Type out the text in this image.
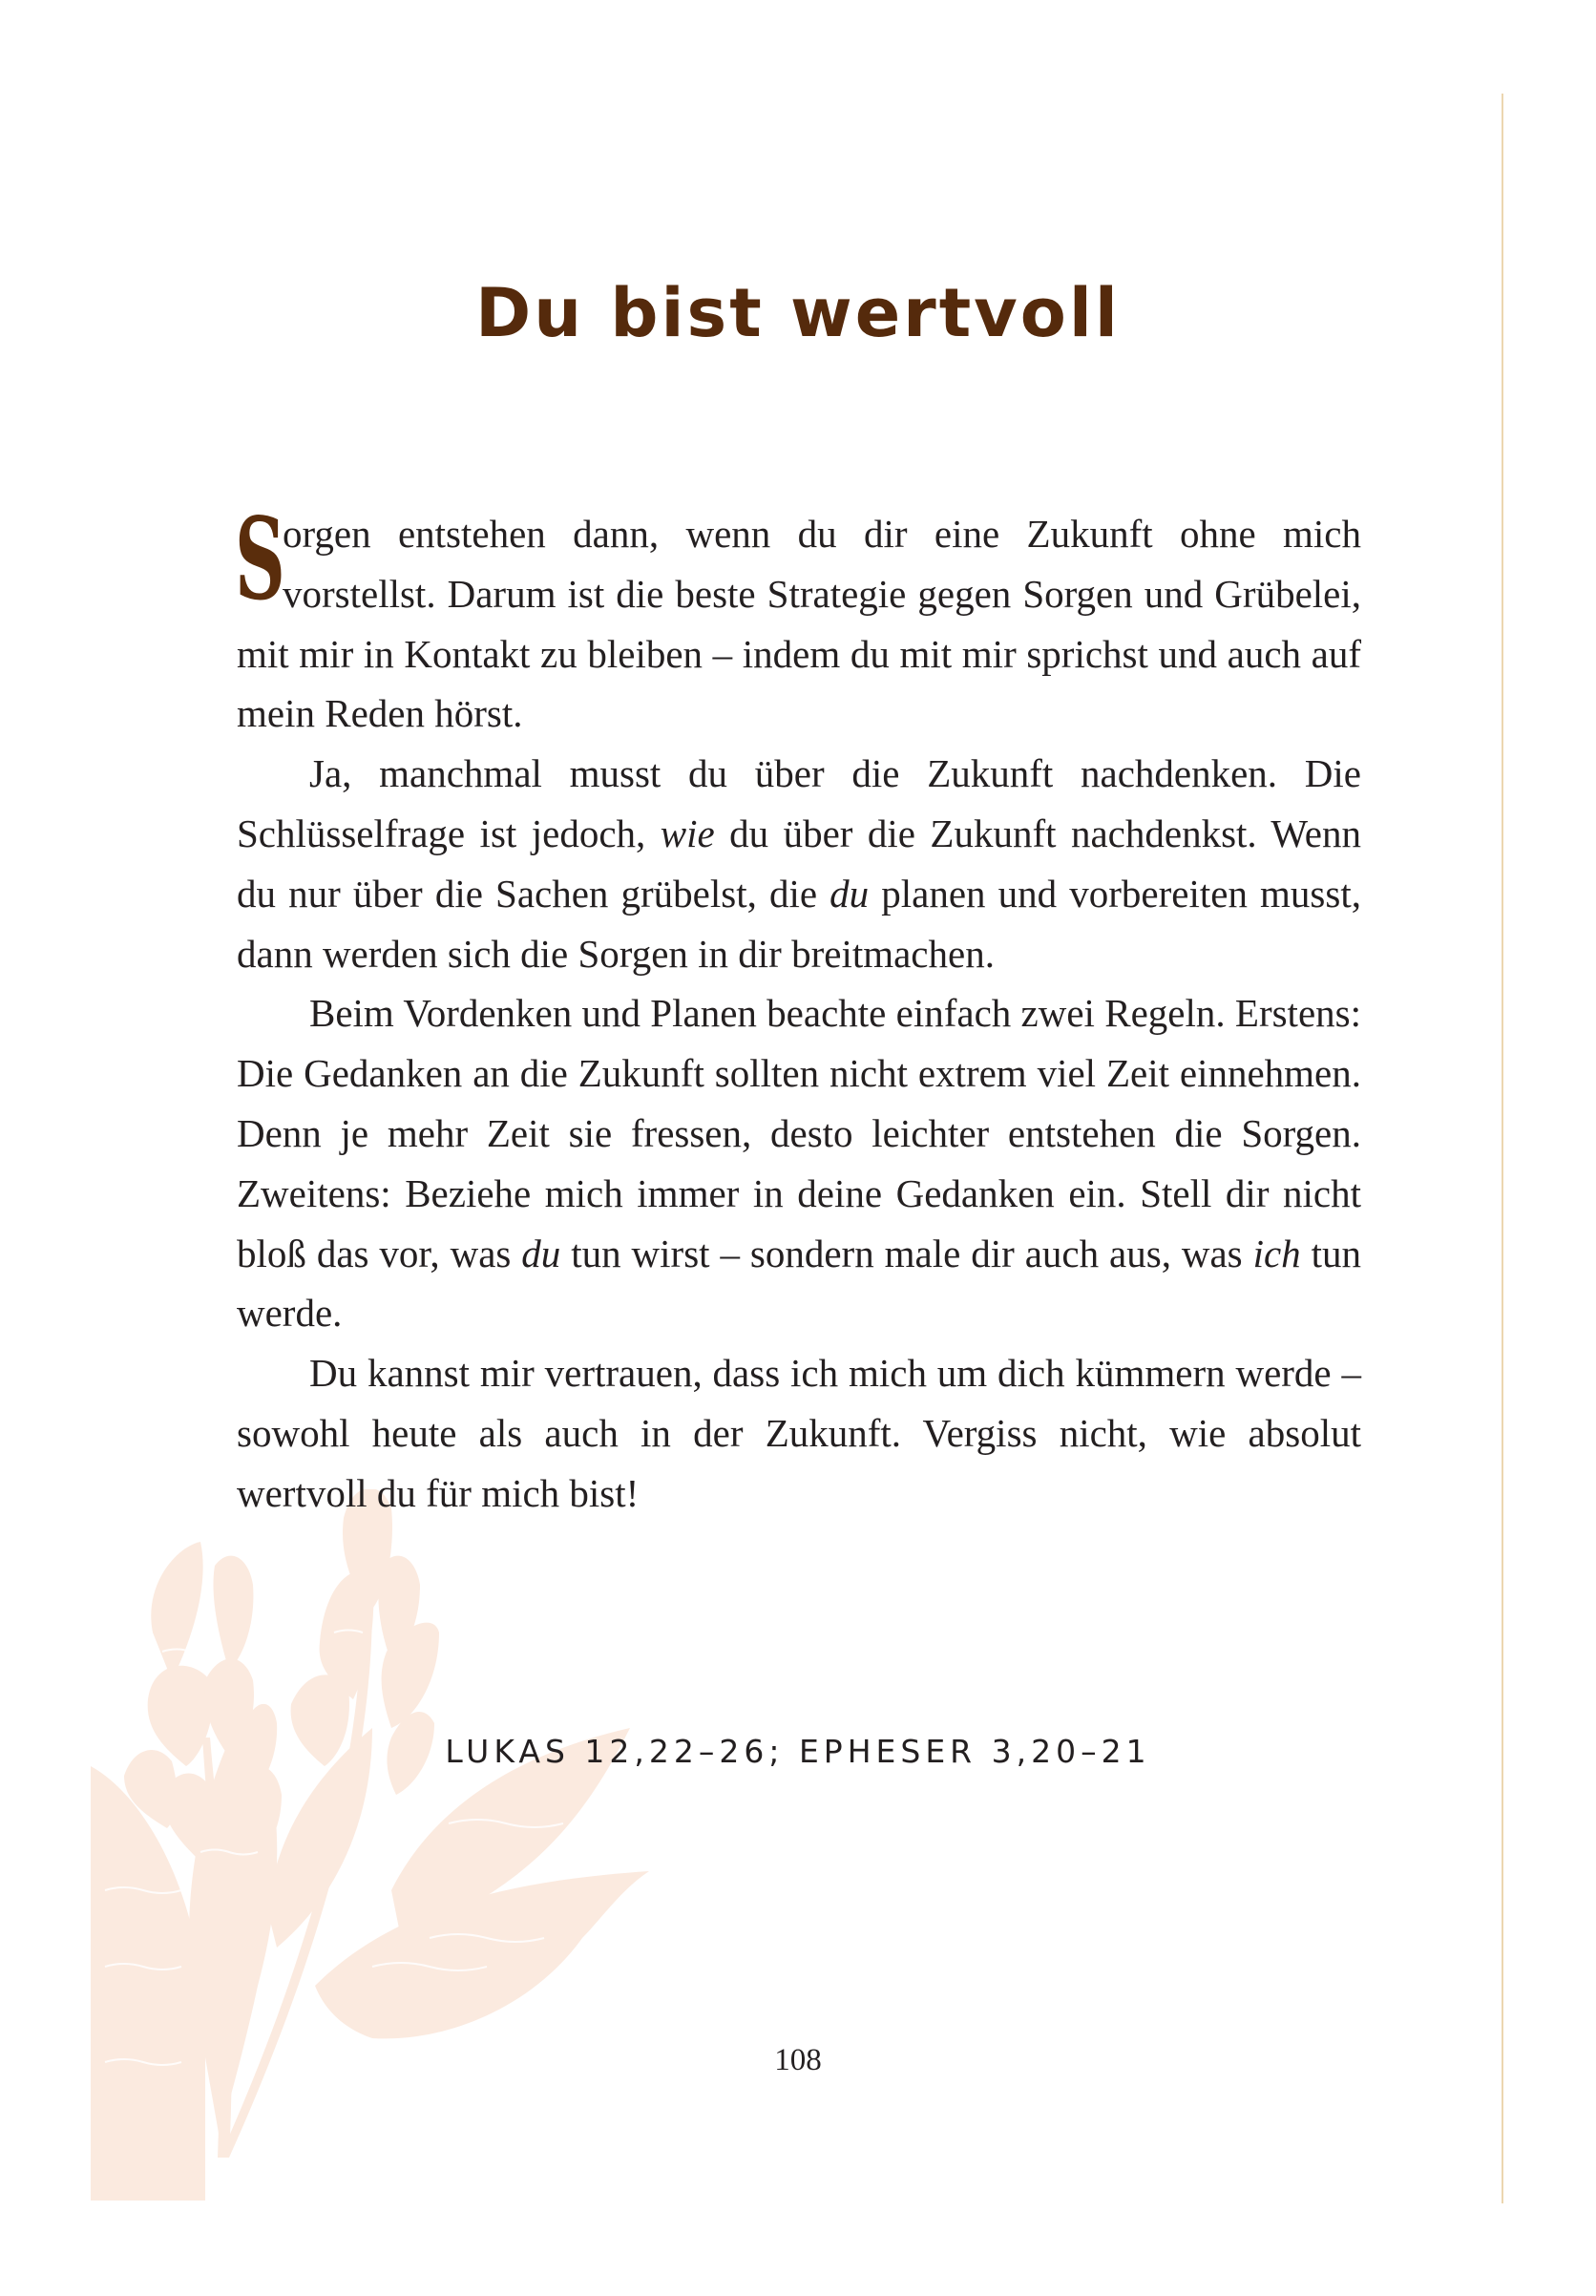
Du bist wertvoll

S
orgen entstehen dann, wenn du dir eine Zukunft ohne mich vorstellst. Darum ist die beste Strategie gegen Sorgen und Grübelei, mit mir in Kontakt zu bleiben – indem du mit mir sprichst und auch auf mein Reden hörst.

Ja, manchmal musst du über die Zukunft nachdenken. Die Schlüsselfrage ist jedoch, wie du über die Zukunft nachdenkst. Wenn du nur über die Sachen grübelst, die du planen und vorbereiten musst, dann werden sich die Sorgen in dir breitmachen.

Beim Vordenken und Planen beachte einfach zwei Regeln. Erstens: Die Gedanken an die Zukunft sollten nicht extrem viel Zeit einnehmen. Denn je mehr Zeit sie fressen, desto leichter entstehen die Sorgen. Zweitens: Beziehe mich immer in deine Gedanken ein. Stell dir nicht bloß das vor, was du tun wirst – sondern male dir auch aus, was ich tun werde.

Du kannst mir vertrauen, dass ich mich um dich kümmern werde – sowohl heute als auch in der Zukunft. Vergiss nicht, wie absolut wertvoll du für mich bist!

LUKAS 12,22–26; EPHESER 3,20–21
108
